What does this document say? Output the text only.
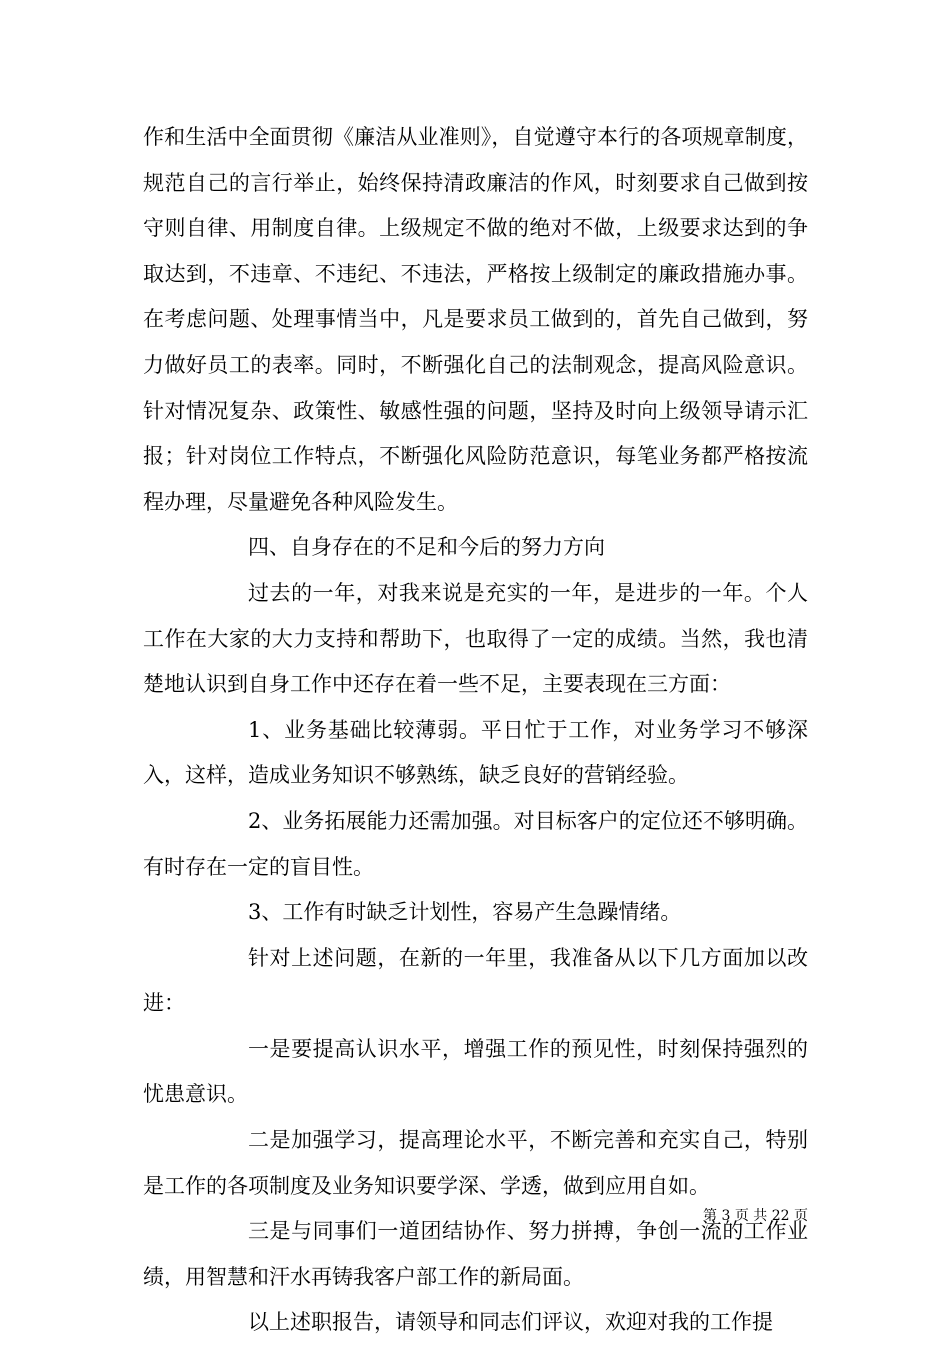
作和生活中全面贯彻《廉洁从业准则》，自觉遵守本行的各项规章制度，规范自己的言行举止，始终保持清政廉洁的作风，时刻要求自己做到按守则自律、用制度自律。上级规定不做的绝对不做，上级要求达到的争取达到，不违章、不违纪、不违法，严格按上级制定的廉政措施办事。在考虑问题、处理事情当中，凡是要求员工做到的，首先自己做到，努力做好员工的表率。同时，不断强化自己的法制观念，提高风险意识。针对情况复杂、政策性、敏感性强的问题，坚持及时向上级领导请示汇报；针对岗位工作特点，不断强化风险防范意识，每笔业务都严格按流程办理，尽量避免各种风险发生。

四、自身存在的不足和今后的努力方向

过去的一年，对我来说是充实的一年，是进步的一年。个人工作在大家的大力支持和帮助下，也取得了一定的成绩。当然，我也清楚地认识到自身工作中还存在着一些不足，主要表现在三方面：

1、业务基础比较薄弱。平日忙于工作，对业务学习不够深入，这样，造成业务知识不够熟练，缺乏良好的营销经验。

2、业务拓展能力还需加强。对目标客户的定位还不够明确。有时存在一定的盲目性。

3、工作有时缺乏计划性，容易产生急躁情绪。

针对上述问题，在新的一年里，我准备从以下几方面加以改进：

一是要提高认识水平，增强工作的预见性，时刻保持强烈的忧患意识。

二是加强学习，提高理论水平，不断完善和充实自己，特别是工作的各项制度及业务知识要学深、学透，做到应用自如。

三是与同事们一道团结协作、努力拼搏，争创一流的工作业绩，用智慧和汗水再铸我客户部工作的新局面。

以上述职报告，请领导和同志们评议，欢迎对我的工作提

第 3 页 共 22 页
